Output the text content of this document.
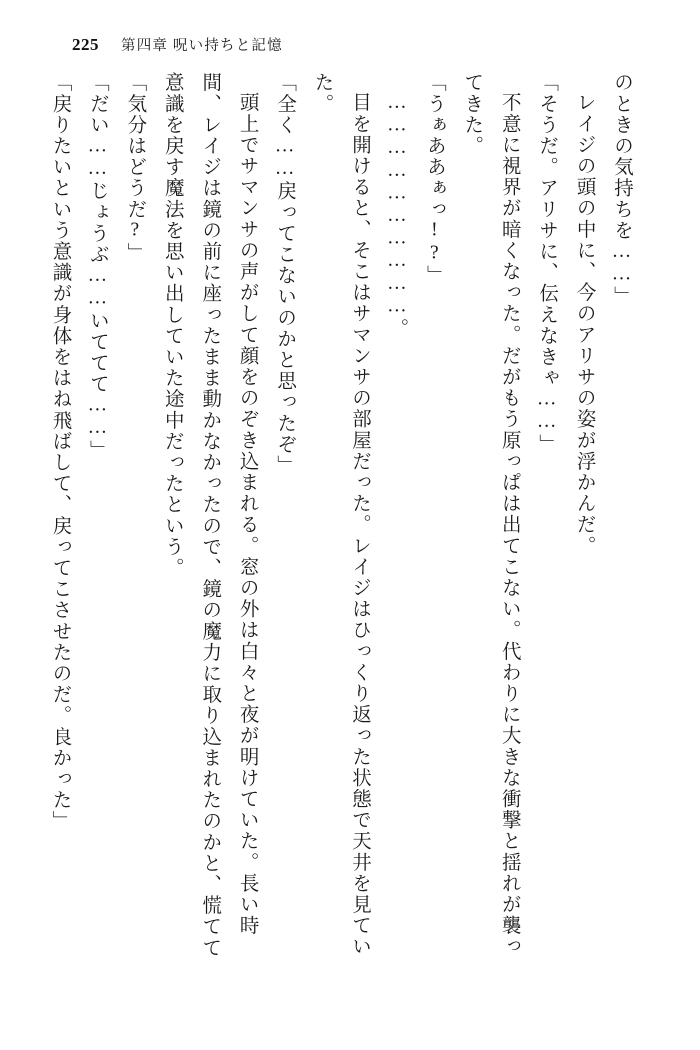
225 第四章 呪い持ちと記憶

のときの気持ちを……」

レイジの頭の中に、今のアリサの姿が浮かんだ。

「そうだ。アリサに、伝えなきゃ……」

不意に視界が暗くなった。だがもう原っぱは出てこない。代わりに大きな衝撃と揺れが襲ってきた。

「うぁああぁっ!?」

…………………………。

目を開けると、そこはサマンサの部屋だった。レイジはひっくり返った状態で天井を見ていた。

「全く……戻ってこないのかと思ったぞ」

頭上でサマンサの声がして顔をのぞき込まれる。窓の外は白々と夜が明けていた。長い時間、レイジは鏡の前に座ったまま動かなかったので、鏡の魔力に取り込まれたのかと、慌てて意識を戻す魔法を思い出していた途中だったという。

「気分はどうだ?」

「だい……じょうぶ……いててて……」

「戻りたいという意識が身体をはね飛ばして、戻ってこさせたのだ。良かった」
